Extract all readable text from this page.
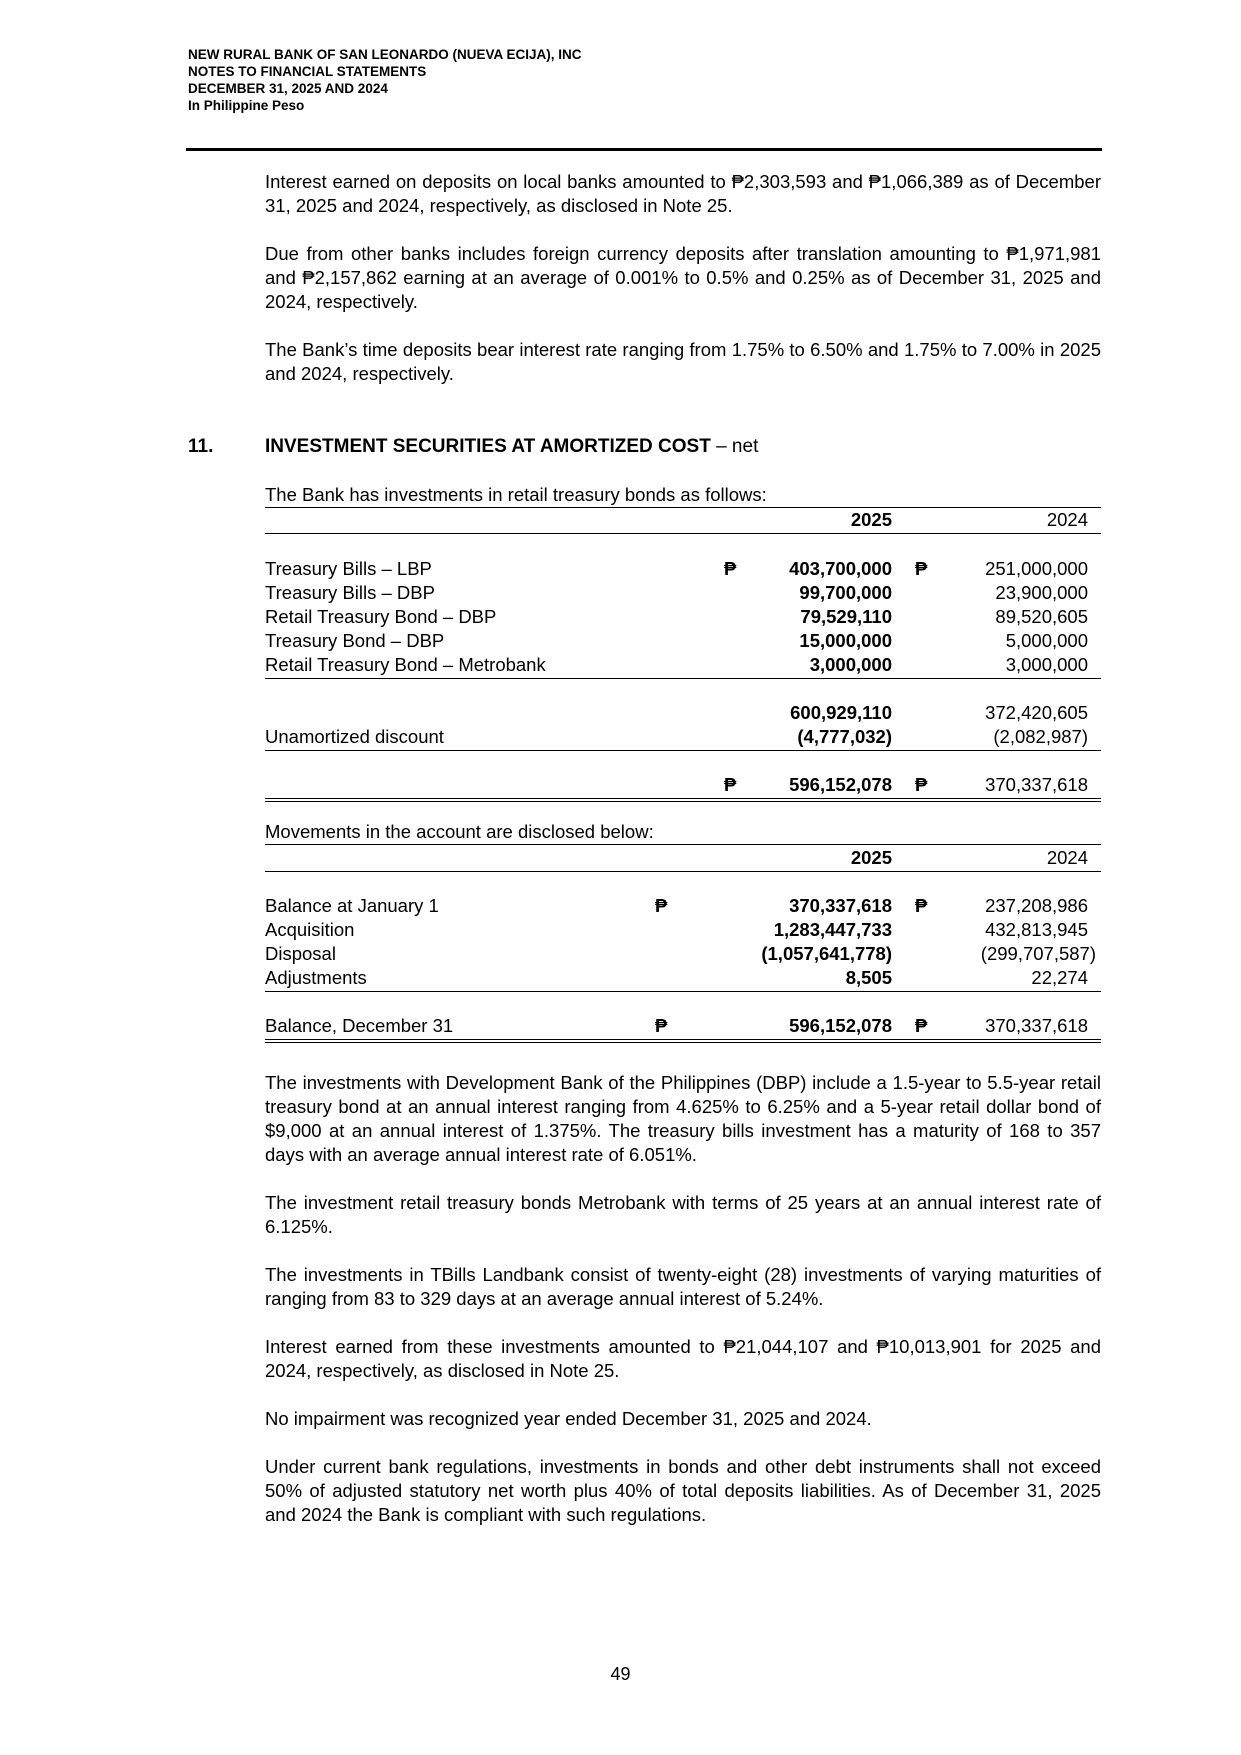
NEW RURAL BANK OF SAN LEONARDO (NUEVA ECIJA), INC
NOTES TO FINANCIAL STATEMENTS
DECEMBER 31, 2025 AND 2024
In Philippine Peso

Interest earned on deposits on local banks amounted to ₱2,303,593 and ₱1,066,389 as of December 31, 2025 and 2024, respectively, as disclosed in Note 25.

Due from other banks includes foreign currency deposits after translation amounting to ₱1,971,981 and ₱2,157,862 earning at an average of 0.001% to 0.5% and 0.25% as of December 31, 2025 and 2024, respectively.

The Bank’s time deposits bear interest rate ranging from 1.75% to 6.50% and 1.75% to 7.00% in 2025 and 2024, respectively.

11.	INVESTMENT SECURITIES AT AMORTIZED COST – net
The Bank has investments in retail treasury bonds as follows:
2025	2024
Treasury Bills – LBP	₱	403,700,000 ₱	251,000,000
Treasury Bills – DBP	99,700,000	23,900,000
Retail Treasury Bond – DBP	79,529,110	89,520,605
Treasury Bond – DBP	15,000,000	5,000,000
Retail Treasury Bond – Metrobank	3,000,000	3,000,000
600,929,110	372,420,605
Unamortized discount	(4,777,032)	(2,082,987)
₱	596,152,078 ₱	370,337,618
Movements in the account are disclosed below:
2025	2024
Balance at January 1	₱	370,337,618 ₱	237,208,986
Acquisition	1,283,447,733	432,813,945
Disposal	(1,057,641,778)	(299,707,587)
Adjustments	8,505	22,274
Balance, December 31	₱	596,152,078 ₱	370,337,618

The investments with Development Bank of the Philippines (DBP) include a 1.5-year to 5.5-year retail treasury bond at an annual interest ranging from 4.625% to 6.25% and a 5-year retail dollar bond of $9,000 at an annual interest of 1.375%. The treasury bills investment has a maturity of 168 to 357 days with an average annual interest rate of 6.051%.

The investment retail treasury bonds Metrobank with terms of 25 years at an annual interest rate of 6.125%.

The investments in TBills Landbank consist of twenty-eight (28) investments of varying maturities of ranging from 83 to 329 days at an average annual interest of 5.24%.

Interest earned from these investments amounted to ₱21,044,107 and ₱10,013,901 for 2025 and 2024, respectively, as disclosed in Note 25.

No impairment was recognized year ended December 31, 2025 and 2024.

Under current bank regulations, investments in bonds and other debt instruments shall not exceed 50% of adjusted statutory net worth plus 40% of total deposits liabilities. As of December 31, 2025 and 2024 the Bank is compliant with such regulations.

49
